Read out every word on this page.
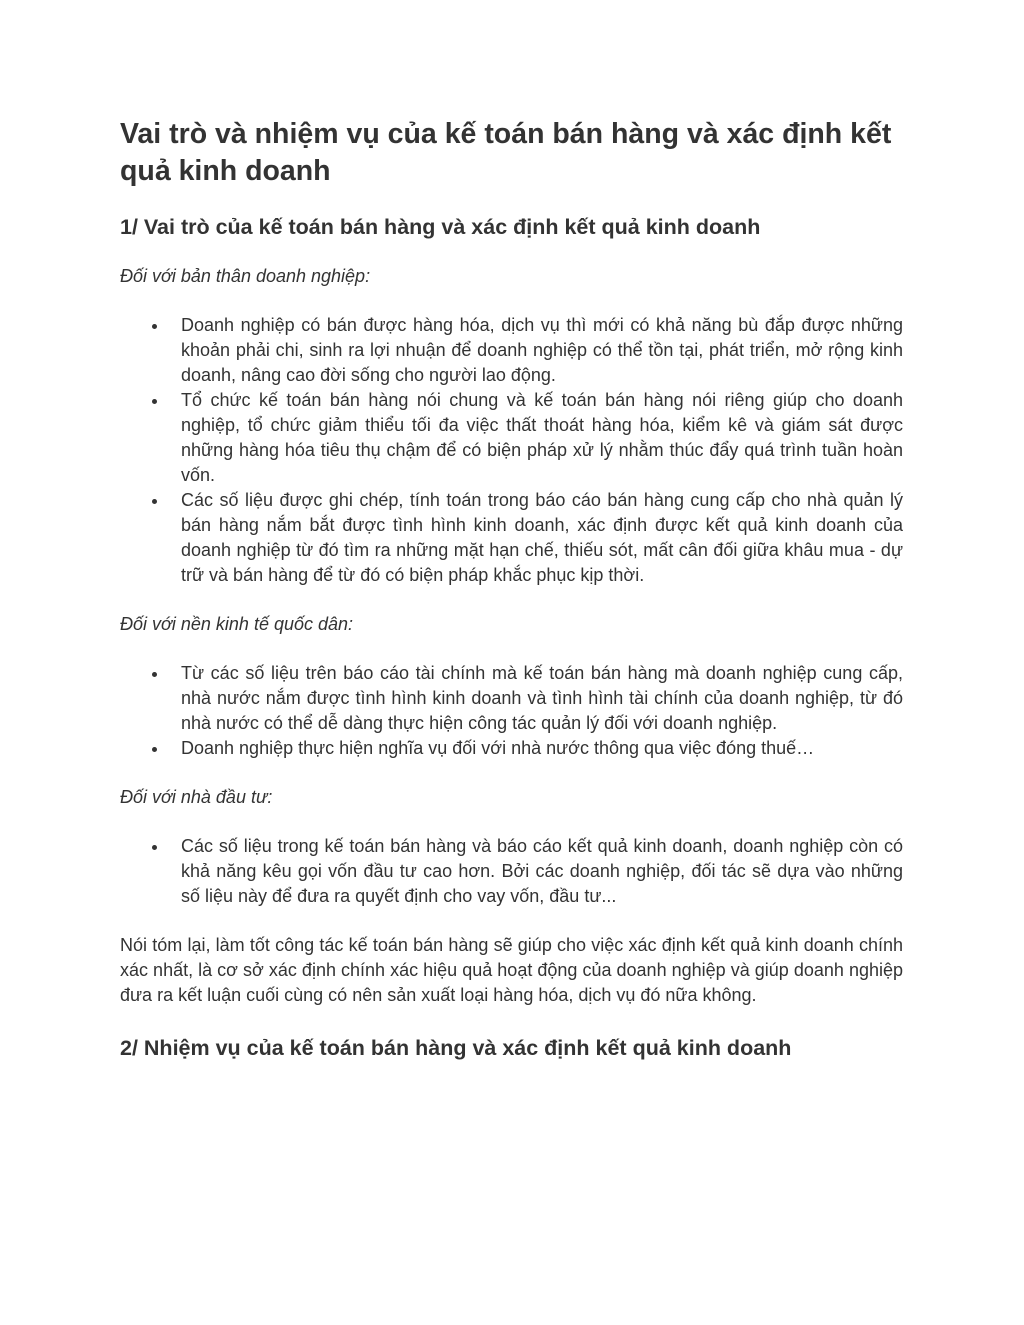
Vai trò và nhiệm vụ của kế toán bán hàng và xác định kết quả kinh doanh
1/ Vai trò của kế toán bán hàng và xác định kết quả kinh doanh

Đối với bản thân doanh nghiệp:

Doanh nghiệp có bán được hàng hóa, dịch vụ thì mới có khả năng bù đắp được những khoản phải chi, sinh ra lợi nhuận để doanh nghiệp có thể tồn tại, phát triển, mở rộng kinh doanh, nâng cao đời sống cho người lao động.
Tổ chức kế toán bán hàng nói chung và kế toán bán hàng nói riêng giúp cho doanh nghiệp, tổ chức giảm thiểu tối đa việc thất thoát hàng hóa, kiểm kê và giám sát được những hàng hóa tiêu thụ chậm để có biện pháp xử lý nhằm thúc đẩy quá trình tuần hoàn vốn.
Các số liệu được ghi chép, tính toán trong báo cáo bán hàng cung cấp cho nhà quản lý bán hàng nắm bắt được tình hình kinh doanh, xác định được kết quả kinh doanh của doanh nghiệp từ đó tìm ra những mặt hạn chế, thiếu sót, mất cân đối giữa khâu mua - dự trữ và bán hàng để từ đó có biện pháp khắc phục kịp thời.

Đối với nền kinh tế quốc dân:

Từ các số liệu trên báo cáo tài chính mà kế toán bán hàng mà doanh nghiệp cung cấp, nhà nước nắm được tình hình kinh doanh và tình hình tài chính của doanh nghiệp, từ đó nhà nước có thể dễ dàng thực hiện công tác quản lý đối với doanh nghiệp.
Doanh nghiệp thực hiện nghĩa vụ đối với nhà nước thông qua việc đóng thuế…

Đối với nhà đầu tư:

Các số liệu trong kế toán bán hàng và báo cáo kết quả kinh doanh, doanh nghiệp còn có khả năng kêu gọi vốn đầu tư cao hơn. Bởi các doanh nghiệp, đối tác sẽ dựa vào những số liệu này để đưa ra quyết định cho vay vốn, đầu tư...

Nói tóm lại, làm tốt công tác kế toán bán hàng sẽ giúp cho việc xác định kết quả kinh doanh chính xác nhất, là cơ sở xác định chính xác hiệu quả hoạt động của doanh nghiệp và giúp doanh nghiệp đưa ra kết luận cuối cùng có nên sản xuất loại hàng hóa, dịch vụ đó nữa không.

2/ Nhiệm vụ của kế toán bán hàng và xác định kết quả kinh doanh
